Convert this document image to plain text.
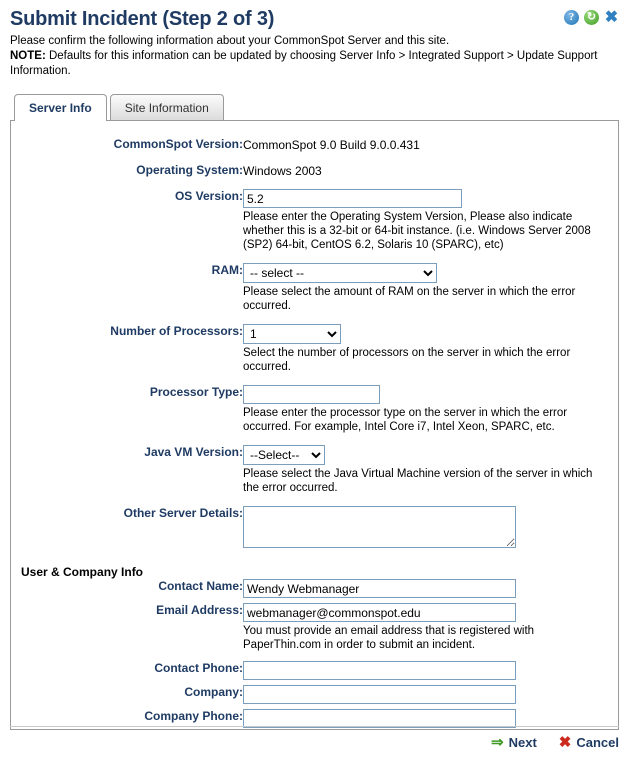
Submit Incident (Step 2 of 3)	?	↻ ✖
Please confirm the following information about your CommonSpot Server and this site.
NOTE: Defaults for this information can be updated by choosing Server Info > Integrated Support > Update Support Information.
Server Info	Site Information
CommonSpot Version:	CommonSpot 9.0 Build 9.0.0.431

Operating System:	Windows 2003

OS Version:	5.2
Please enter the Operating System Version, Please also indicate whether this is a 32-bit or 64-bit instance. (i.e. Windows Server 2008 (SP2) 64-bit, CentOS 6.2, Solaris 10 (SPARC), etc)

RAM:	
-- select --
Please select the amount of RAM on the server in which the error occurred.

Number of Processors:	
1
Select the number of processors on the server in which the error occurred.

Processor Type:	Please enter the processor type on the server in which the error occurred. For example, Intel Core i7, Intel Xeon, SPARC, etc.

Java VM Version:	
--Select--
Please select the Java Virtual Machine version of the server in which the error occurred.

Other Server Details:	

User & Company Info	
Contact Name:	Wendy Webmanager

Email Address:	webmanager@commonspot.edu
You must provide an email address that is registered with PaperThin.com in order to submit an incident.

Contact Phone:	

Company:	

Company Phone:	
⇒ Next ✖ Cancel
